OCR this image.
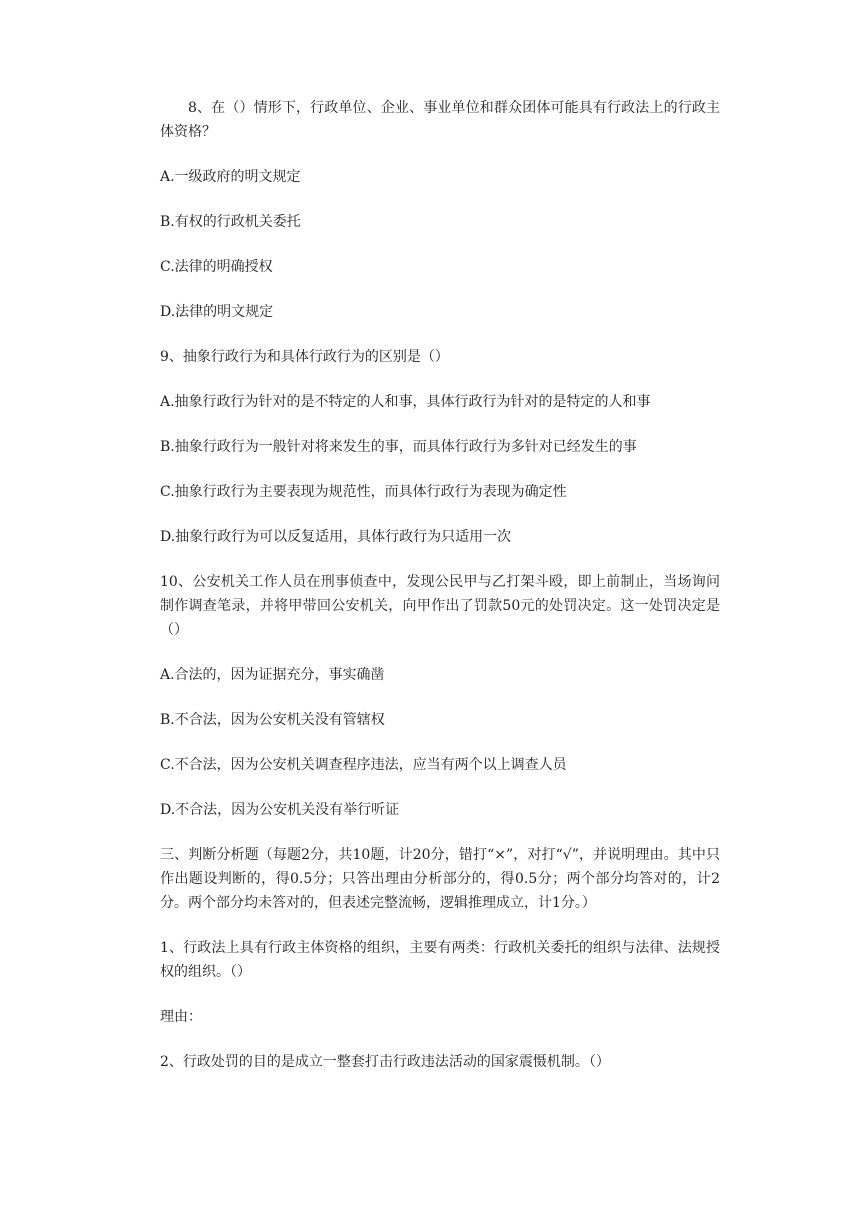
8、在（）情形下，行政单位、企业、事业单位和群众团体可能具有行政法上的行政主体资格？

A.一级政府的明文规定

B.有权的行政机关委托

C.法律的明确授权

D.法律的明文规定

9、抽象行政行为和具体行政行为的区别是（）

A.抽象行政行为针对的是不特定的人和事，具体行政行为针对的是特定的人和事

B.抽象行政行为一般针对将来发生的事，而具体行政行为多针对已经发生的事

C.抽象行政行为主要表现为规范性，而具体行政行为表现为确定性

D.抽象行政行为可以反复适用，具体行政行为只适用一次

10、公安机关工作人员在刑事侦查中，发现公民甲与乙打架斗殴，即上前制止，当场询问制作调查笔录，并将甲带回公安机关，向甲作出了罚款50元的处罚决定。这一处罚决定是（）

A.合法的，因为证据充分，事实确凿

B.不合法，因为公安机关没有管辖权

C.不合法，因为公安机关调查程序违法，应当有两个以上调查人员

D.不合法，因为公安机关没有举行听证

三、判断分析题（每题2分，共10题，计20分，错打“×”，对打“√”，并说明理由。其中只作出题设判断的，得0.5分；只答出理由分析部分的，得0.5分；两个部分均答对的，计2分。两个部分均未答对的，但表述完整流畅，逻辑推理成立，计1分。）

1、行政法上具有行政主体资格的组织，主要有两类：行政机关委托的组织与法律、法规授权的组织。（）

理由：

2、行政处罚的目的是成立一整套打击行政违法活动的国家震慑机制。（）
